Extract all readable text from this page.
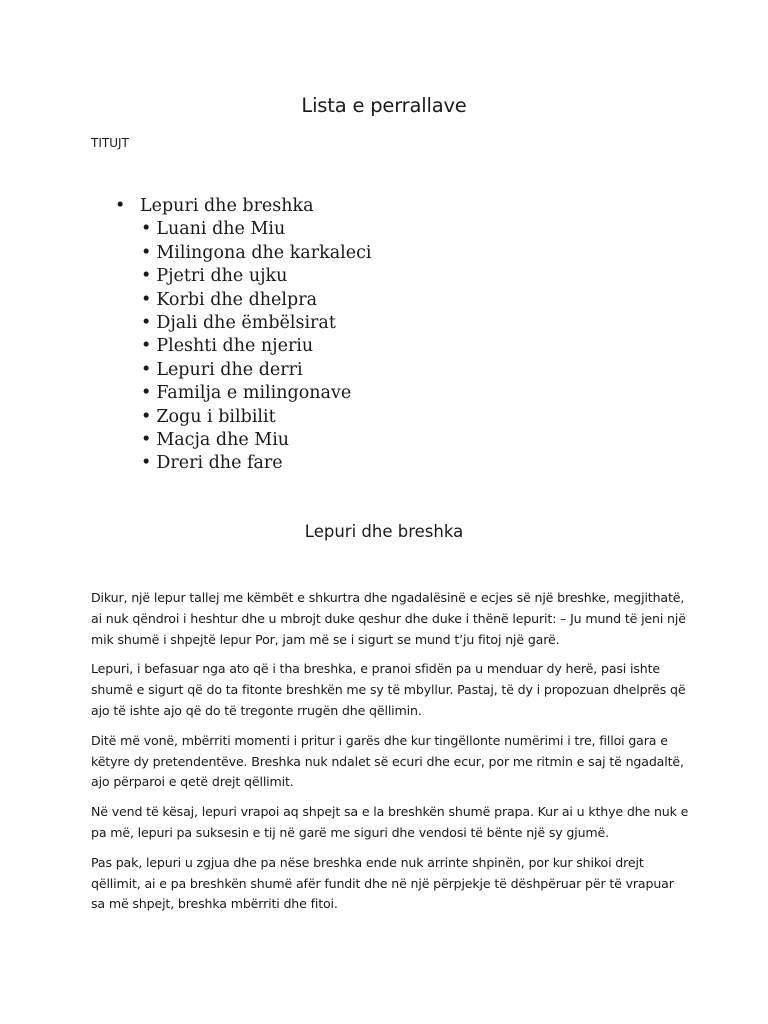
Lista e perrallave

TITUJT

• Lepuri dhe breshka
• Luani dhe Miu
• Milingona dhe karkaleci
• Pjetri dhe ujku
• Korbi dhe dhelpra
• Djali dhe ëmbëlsirat
• Pleshti dhe njeriu
• Lepuri dhe derri
• Familja e milingonave
• Zogu i bilbilit
• Macja dhe Miu
• Dreri dhe fare
Lepuri dhe breshka

Dikur, një lepur tallej me këmbët e shkurtra dhe ngadalësinë e ecjes së një breshke, megjithatë, ai nuk qëndroi i heshtur dhe u mbrojt duke qeshur dhe duke i thënë lepurit: – Ju mund të jeni një mik shumë i shpejtë lepur Por, jam më se i sigurt se mund t’ju fitoj një garë.

Lepuri, i befasuar nga ato që i tha breshka, e pranoi sfidën pa u menduar dy herë, pasi ishte shumë e sigurt që do ta fitonte breshkën me sy të mbyllur. Pastaj, të dy i propozuan dhelprës që ajo të ishte ajo që do të tregonte rrugën dhe qëllimin.

Ditë më vonë, mbërriti momenti i pritur i garës dhe kur tingëllonte numërimi i tre, filloi gara e këtyre dy pretendentëve. Breshka nuk ndalet së ecuri dhe ecur, por me ritmin e saj të ngadaltë, ajo përparoi e qetë drejt qëllimit.

Në vend të kësaj, lepuri vrapoi aq shpejt sa e la breshkën shumë prapa. Kur ai u kthye dhe nuk e pa më, lepuri pa suksesin e tij në garë me siguri dhe vendosi të bënte një sy gjumë.

Pas pak, lepuri u zgjua dhe pa nëse breshka ende nuk arrinte shpinën, por kur shikoi drejt qëllimit, ai e pa breshkën shumë afër fundit dhe në një përpjekje të dëshpëruar për të vrapuar sa më shpejt, breshka mbërriti dhe fitoi.
